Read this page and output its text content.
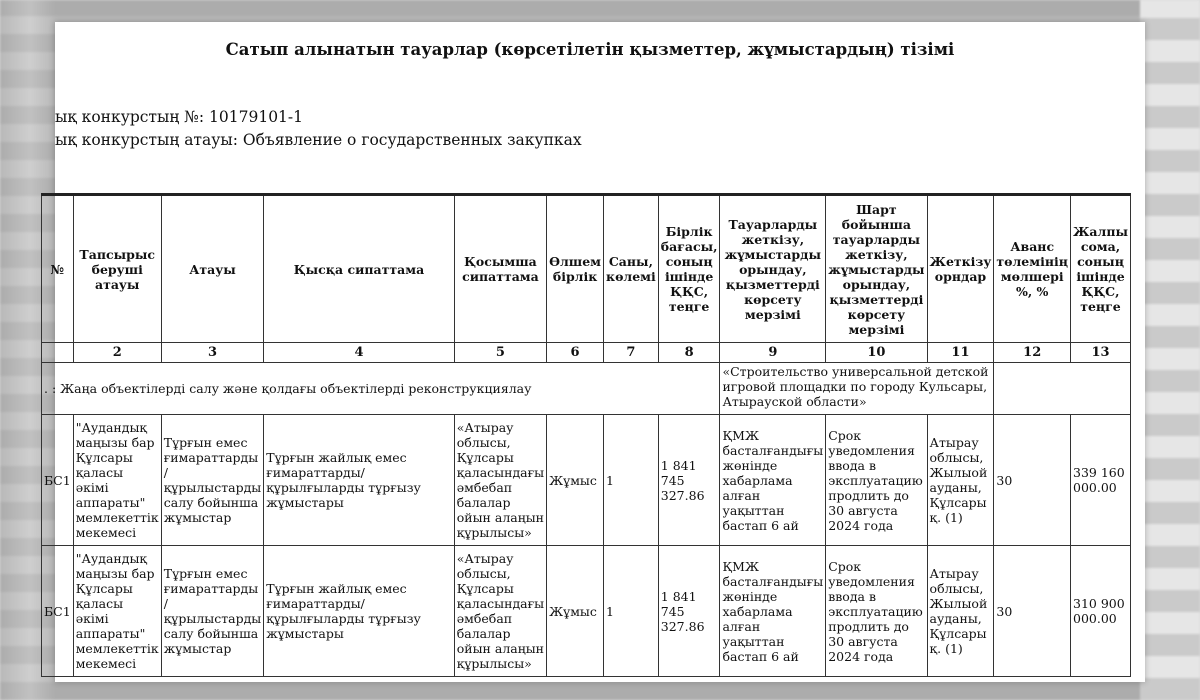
Сатып алынатын тауарлар (көрсетілетін қызметтер, жұмыстардың) тізімі
ық конкурстың №: 10179101-1
ық конкурстың атауы: Объявление о государственных закупках
№	Тапсырыс беруші атауы	Атауы	Қысқа сипаттама	Қосымша сипаттама	Өлшем бірлік	Саны, көлемі	Бірлік бағасы, соның ішінде ҚҚС, теңге	Тауарларды жеткізу, жұмыстарды орындау, қызметтерді көрсету мерзімі	Шарт бойынша тауарларды жеткізу, жұмыстарды орындау, қызметтерді көрсету мерзімі	Жеткізу орндар	Аванс төлемінің мөлшері %, %	Жалпы сома, соның ішінде ҚҚС, теңге
	2	3	4	5	6	7	8	9	10	11	12	13
. : Жаңа объектілерді салу және қолдағы объектілерді реконструкциялау								«Строительство универсальной детской игровой площадки по городу Кульсары, Атырауской области»				
БС1	"Аудандық маңызы бар Құлсары қаласы әкімі аппараты" мемлекеттік мекемесі	Тұрғын емес ғимараттарды / құрылыстарды салу бойынша жұмыстар	Тұрғын жайлық емес ғимараттарды/құрылғыларды тұрғызу жұмыстары	«Атырау облысы, Құлсары қаласындағы әмбебап балалар ойын алаңын құрылысы»	Жұмыс	1	1 841 745 327.86	ҚМЖ басталғандығы жөнінде хабарлама алған уақыттан бастап 6 ай	Срок уведомления ввода в эксплуатацию продлить до 30 августа 2024 года	Атырау облысы, Жылыой ауданы, Құлсары қ. (1)	30	339 160 000.00
БС1	"Аудандық маңызы бар Құлсары қаласы әкімі аппараты" мемлекеттік мекемесі	Тұрғын емес ғимараттарды / құрылыстарды салу бойынша жұмыстар	Тұрғын жайлық емес ғимараттарды/құрылғыларды тұрғызу жұмыстары	«Атырау облысы, Құлсары қаласындағы әмбебап балалар ойын алаңын құрылысы»	Жұмыс	1	1 841 745 327.86	ҚМЖ басталғандығы жөнінде хабарлама алған уақыттан бастап 6 ай	Срок уведомления ввода в эксплуатацию продлить до 30 августа 2024 года	Атырау облысы, Жылыой ауданы, Құлсары қ. (1)	30	310 900 000.00
